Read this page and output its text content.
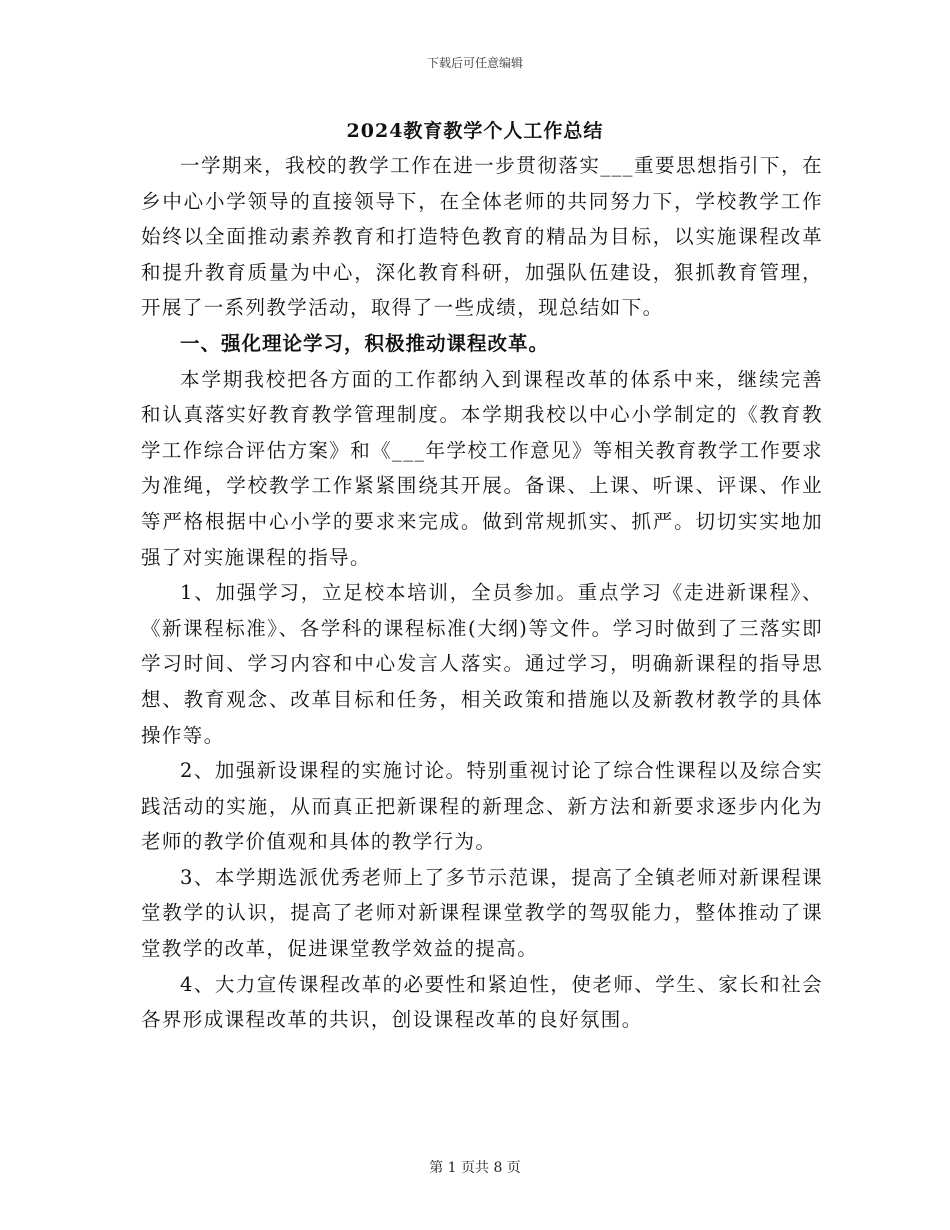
下载后可任意编辑
2024教育教学个人工作总结

一学期来，我校的教学工作在进一步贯彻落实___重要思想指引下，在乡中心小学领导的直接领导下，在全体老师的共同努力下，学校教学工作始终以全面推动素养教育和打造特色教育的精品为目标，以实施课程改革和提升教育质量为中心，深化教育科研，加强队伍建设，狠抓教育管理，开展了一系列教学活动，取得了一些成绩，现总结如下。

一、强化理论学习，积极推动课程改革。

本学期我校把各方面的工作都纳入到课程改革的体系中来，继续完善和认真落实好教育教学管理制度。本学期我校以中心小学制定的《教育教学工作综合评估方案》和《___年学校工作意见》等相关教育教学工作要求为准绳，学校教学工作紧紧围绕其开展。备课、上课、听课、评课、作业等严格根据中心小学的要求来完成。做到常规抓实、抓严。切切实实地加强了对实施课程的指导。

1、加强学习，立足校本培训，全员参加。重点学习《走进新课程》、《新课程标准》、各学科的课程标准(大纲)等文件。学习时做到了三落实即学习时间、学习内容和中心发言人落实。通过学习，明确新课程的指导思想、教育观念、改革目标和任务，相关政策和措施以及新教材教学的具体操作等。

2、加强新设课程的实施讨论。特别重视讨论了综合性课程以及综合实践活动的实施，从而真正把新课程的新理念、新方法和新要求逐步内化为老师的教学价值观和具体的教学行为。

3、本学期选派优秀老师上了多节示范课，提高了全镇老师对新课程课堂教学的认识，提高了老师对新课程课堂教学的驾驭能力，整体推动了课堂教学的改革，促进课堂教学效益的提高。

4、大力宣传课程改革的必要性和紧迫性，使老师、学生、家长和社会各界形成课程改革的共识，创设课程改革的良好氛围。

第 1 页共 8 页
